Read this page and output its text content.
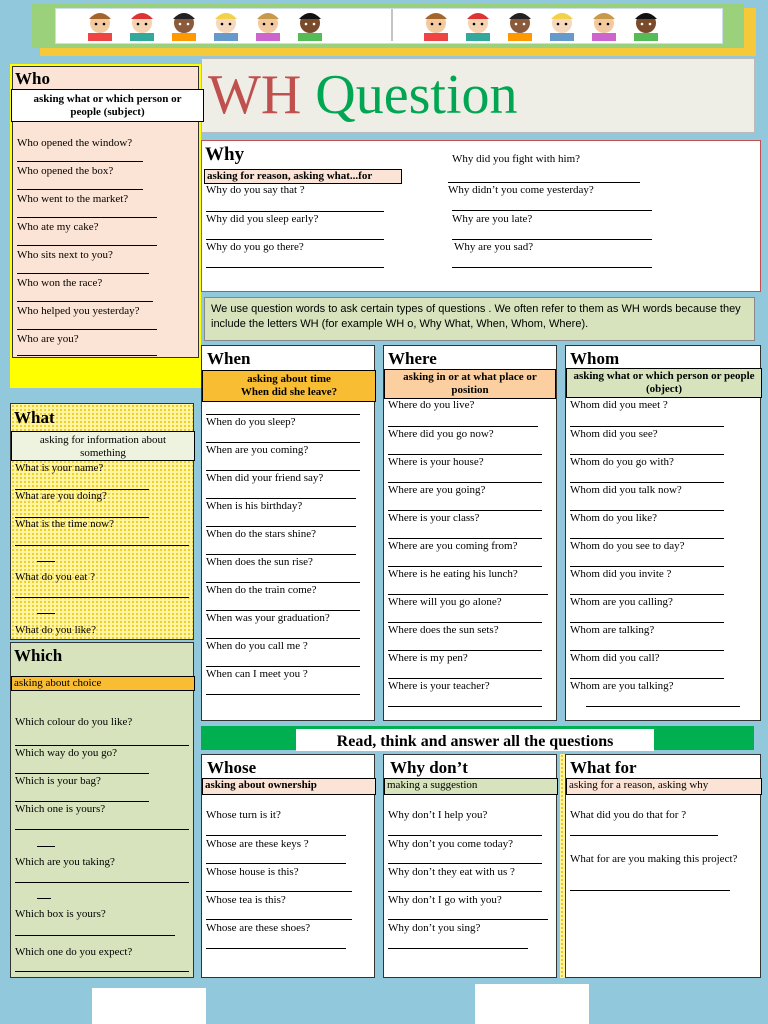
WH Question
Who
asking what or which person or people (subject)
Who opened the window?
Who opened the box?
Who went to the market?
Who ate my cake?
Who sits next to you?
Who won the race?
Who helped you yesterday?
Who are you?
Why
asking for reason, asking what...for
Why do you say that ?
Why did you sleep early?
Why do you go there?
Why did you fight with him?
Why didn’t you come yesterday?
Why are you late?
Why are you sad?
We use question words to ask certain types of questions . We often refer to them as WH words because they include the letters WH (for example WH o, Why What, When, Whom, Where).
What
asking for information about something
What is your name?
What are you doing?
What is the time now?
What do you eat ?
What do you like?
Which
asking about choice
Which colour do you like?
Which way do you go?
Which is your bag?
Which one is yours?
Which are you taking?
Which box is yours?
Which one do you expect?
When
asking about time
When did she leave?
When do you sleep?
When are you coming?
When did your friend say?
When is his birthday?
When do the stars shine?
When does the sun rise?
When do the train come?
When was your graduation?
When do you call me ?
When can I meet you ?
Where
asking in or at what place or position
Where do you live?
Where did you go now?
Where is your house?
Where are you going?
Where is your class?
Where are you coming from?
Where is he eating his lunch?
Where will you go alone?
Where does the sun sets?
Where is my pen?
Where is your teacher?
Whom
asking what or which person or people (object)
Whom did you meet ?
Whom did you see?
Whom do you go with?
Whom did you talk now?
Whom do you like?
Whom do you see to day?
Whom did you invite ?
Whom are you calling?
Whom are talking?
Whom did you call?
Whom are you talking?
Read, think and answer all the questions
Whose
asking about ownership
Whose turn is it?
Whose are these keys ?
Whose house is this?
Whose tea is this?
Whose are these shoes?
Why don’t
making a suggestion
Why don’t I help you?
Why don’t you come today?
Why don’t they eat with us ?
Why don’t I go with you?
Why don’t you sing?
What for
asking for a reason, asking why
What did you do that for ?
What for are you making this project?
